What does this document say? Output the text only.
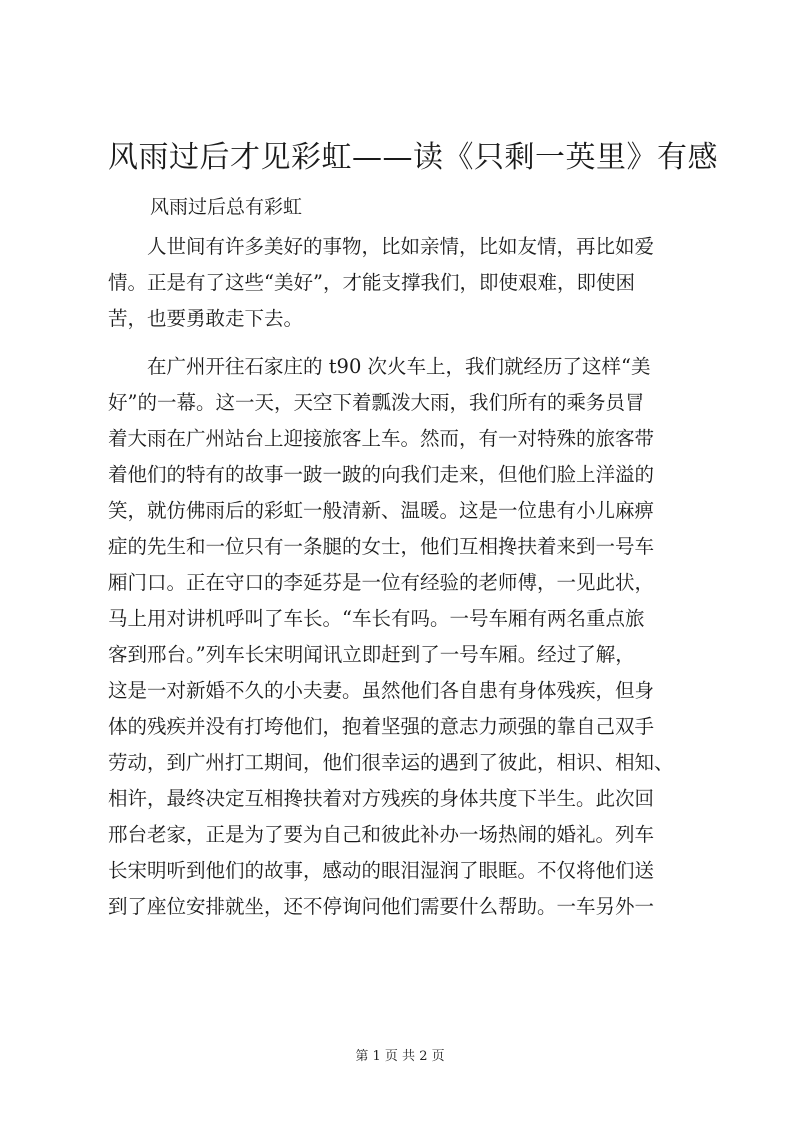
风雨过后才见彩虹——读《只剩一英里》有感
风雨过后总有彩虹
　　人世间有许多美好的事物，比如亲情，比如友情，再比如爱
情。正是有了这些“美好”，才能支撑我们，即使艰难，即使困
苦，也要勇敢走下去。
　　在广州开往石家庄的 t90 次火车上，我们就经历了这样“美
好”的一幕。这一天，天空下着瓢泼大雨，我们所有的乘务员冒
着大雨在广州站台上迎接旅客上车。然而，有一对特殊的旅客带
着他们的特有的故事一跛一跛的向我们走来，但他们脸上洋溢的
笑，就仿佛雨后的彩虹一般清新、温暖。这是一位患有小儿麻痹
症的先生和一位只有一条腿的女士，他们互相搀扶着来到一号车
厢门口。正在守口的李延芬是一位有经验的老师傅，一见此状，
马上用对讲机呼叫了车长。“车长有吗。一号车厢有两名重点旅
客到邢台。”列车长宋明闻讯立即赶到了一号车厢。经过了解，
这是一对新婚不久的小夫妻。虽然他们各自患有身体残疾，但身
体的残疾并没有打垮他们，抱着坚强的意志力顽强的靠自己双手
劳动，到广州打工期间，他们很幸运的遇到了彼此，相识、相知、
相许，最终决定互相搀扶着对方残疾的身体共度下半生。此次回
邢台老家，正是为了要为自己和彼此补办一场热闹的婚礼。列车
长宋明听到他们的故事，感动的眼泪湿润了眼眶。不仅将他们送
到了座位安排就坐，还不停询问他们需要什么帮助。一车另外一
第 1 页 共 2 页
